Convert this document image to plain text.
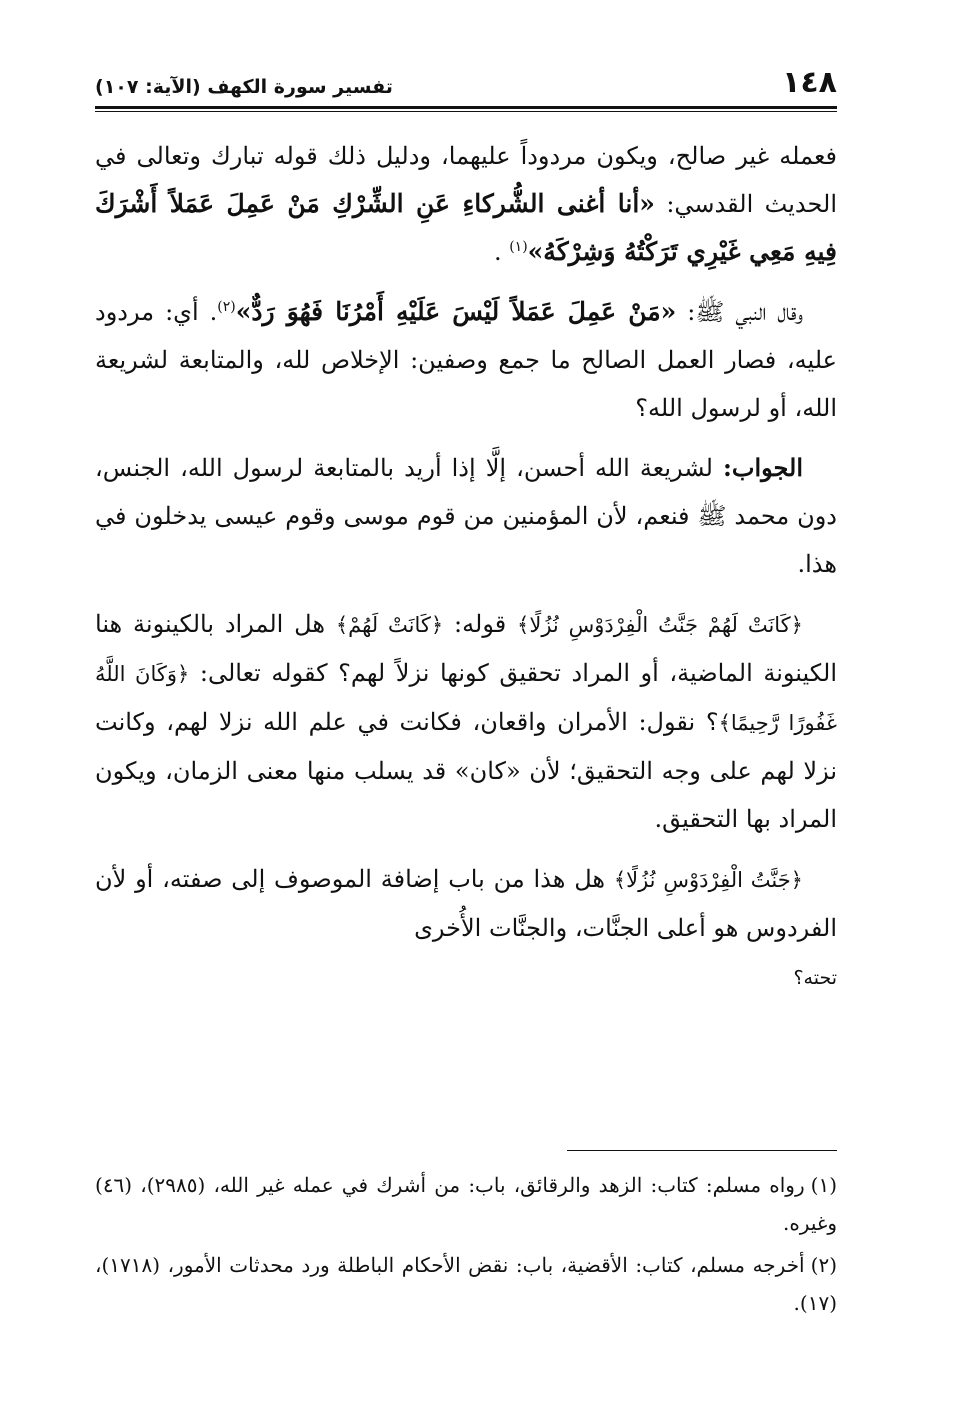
١٤٨
تفسير سورة الكهف (الآية: ١٠٧)

فعمله غير صالح، ويكون مردوداً عليهما، ودليل ذلك قوله تبارك وتعالى في الحديث القدسي: «أنا أغنى الشُّركاءِ عَنِ الشِّرْكِ مَنْ عَمِلَ عَمَلاً أَشْرَكَ فِيهِ مَعِي غَيْرِي تَرَكْتُهُ وَشِرْكَهُ»$^{(١)}$ .

وقال النبي ﷺ: «مَنْ عَمِلَ عَمَلاً لَيْسَ عَلَيْهِ أَمْرُنَا فَهُوَ رَدٌّ»$^{(٢)}$. أي: مردود عليه، فصار العمل الصالح ما جمع وصفين: الإخلاص لله، والمتابعة لشريعة الله، أو لرسول الله؟

الجواب: لشريعة الله أحسن، إلَّا إذا أريد بالمتابعة لرسول الله، الجنس، دون محمد ﷺ فنعم، لأن المؤمنين من قوم موسى وقوم عيسى يدخلون في هذا.

﴿كَانَتْ لَهُمْ جَنَّتُ الْفِرْدَوْسِ نُزُلًا﴾ قوله: ﴿كَانَتْ لَهُمْ﴾ هل المراد بالكينونة هنا الكينونة الماضية، أو المراد تحقيق كونها نزلاً لهم؟ كقوله تعالى: ﴿وَكَانَ اللَّهُ غَفُورًا رَّحِيمًا﴾؟ نقول: الأمران واقعان، فكانت في علم الله نزلا لهم، وكانت نزلا لهم على وجه التحقيق؛ لأن «كان» قد يسلب منها معنى الزمان، ويكون المراد بها التحقيق.

﴿جَنَّتُ الْفِرْدَوْسِ نُزُلًا﴾ هل هذا من باب إضافة الموصوف إلى صفته، أو لأن الفردوس هو أعلى الجنَّات، والجنَّات الأُخرى
تحته؟

(١)رواه مسلم: كتاب: الزهد والرقائق، باب: من أشرك في عمله غير الله، (٢٩٨٥)، (٤٦) وغيره.

(٢)أخرجه مسلم، كتاب: الأقضية، باب: نقض الأحكام الباطلة ورد محدثات الأمور، (١٧١٨)، (١٧).
